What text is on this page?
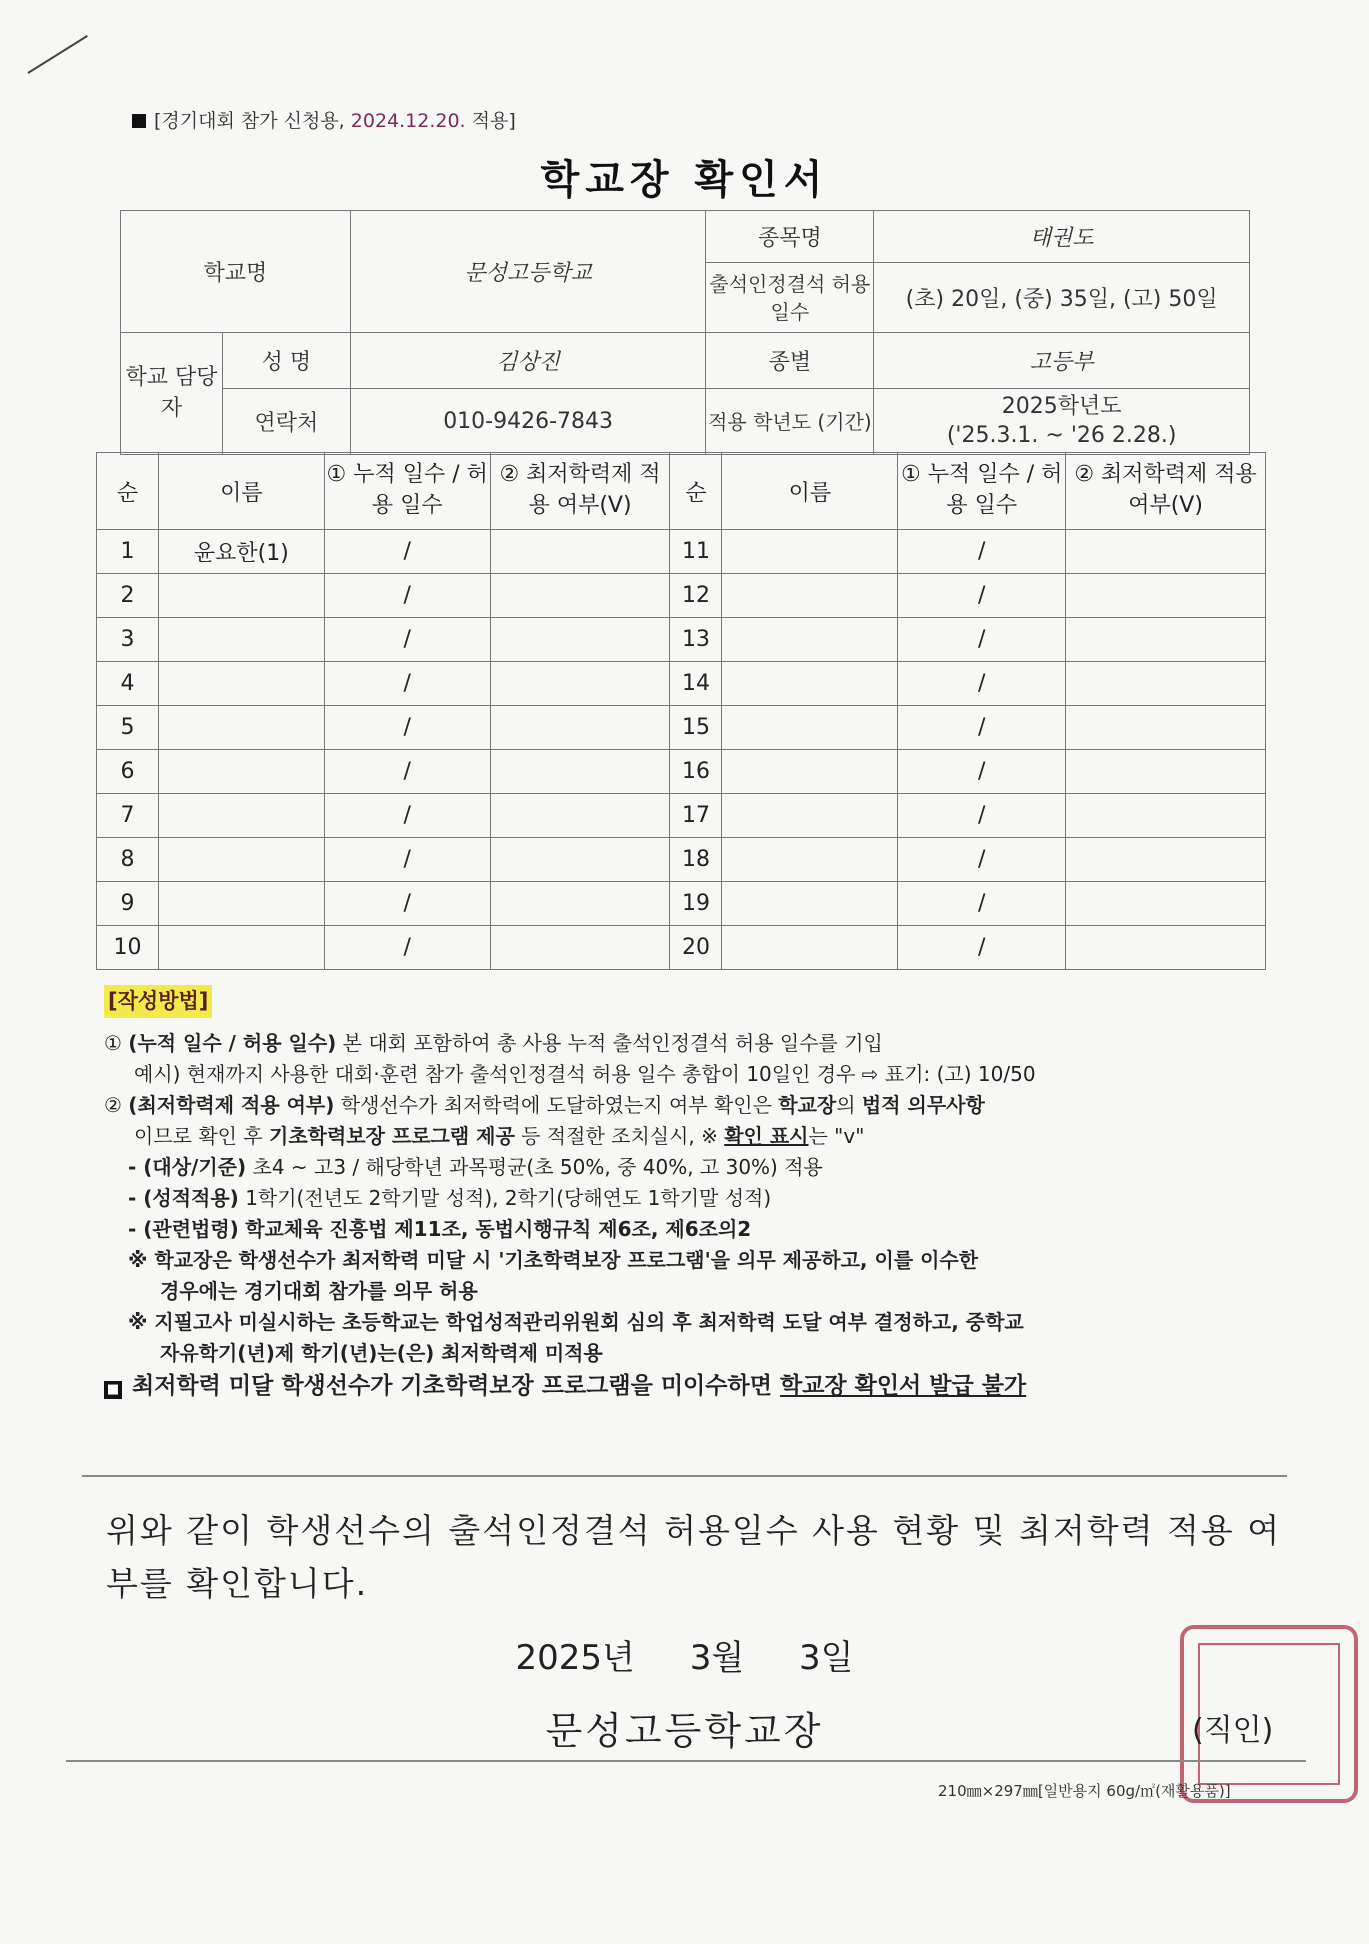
[경기대회 참가 신청용, 2024.12.20. 적용]
학교장 확인서
학교명		문성고등학교	종목명	태권도
			출석인정결석 허용 일수	(초) 20일, (중) 35일, (고) 50일
학교 담당자	성 명	김상진	종별	고등부
	연락처	010-9426-7843	적용 학년도 (기간)	2025학년도
('25.3.1. ~ '26 2.28.)
순	이름	① 누적 일수 / 허용 일수	② 최저학력제 적용 여부(V)	순	이름	① 누적 일수 / 허용 일수	② 최저학력제 적용 여부(V)
1	윤요한(1)	/		11		/	
2		/		12		/	
3		/		13		/	
4		/		14		/	
5		/		15		/	
6		/		16		/	
7		/		17		/	
8		/		18		/	
9		/		19		/	
10		/		20		/	

[작성방법]

① (누적 일수 / 허용 일수) 본 대회 포함하여 총 사용 누적 출석인정결석 허용 일수를 기입

예시) 현재까지 사용한 대회·훈련 참가 출석인정결석 허용 일수 총합이 10일인 경우 ⇨ 표기: (고) 10/50

② (최저학력제 적용 여부) 학생선수가 최저학력에 도달하였는지 여부 확인은 학교장의 법적 의무사항

이므로 확인 후 기초학력보장 프로그램 제공 등 적절한 조치실시, ※ 확인 표시는 "v"

- (대상/기준) 초4 ~ 고3 / 해당학년 과목평균(초 50%, 중 40%, 고 30%) 적용

- (성적적용) 1학기(전년도 2학기말 성적), 2학기(당해연도 1학기말 성적)

- (관련법령) 학교체육 진흥법 제11조, 동법시행규칙 제6조, 제6조의2

※ 학교장은 학생선수가 최저학력 미달 시 '기초학력보장 프로그램'을 의무 제공하고, 이를 이수한

경우에는 경기대회 참가를 의무 허용

※ 지필고사 미실시하는 초등학교는 학업성적관리위원회 심의 후 최저학력 도달 여부 결정하고, 중학교

자유학기(년)제 학기(년)는(은) 최저학력제 미적용

■ 최저학력 미달 학생선수가 기초학력보장 프로그램을 미이수하면 학교장 확인서 발급 불가

위와 같이 학생선수의 출석인정결석 허용일수 사용 현황 및 최저학력 적용 여부를 확인합니다.
2025년 3월 3일
문성고등학교장	(직인)
210㎜×297㎜[일반용지 60g/㎡(재활용품)]
